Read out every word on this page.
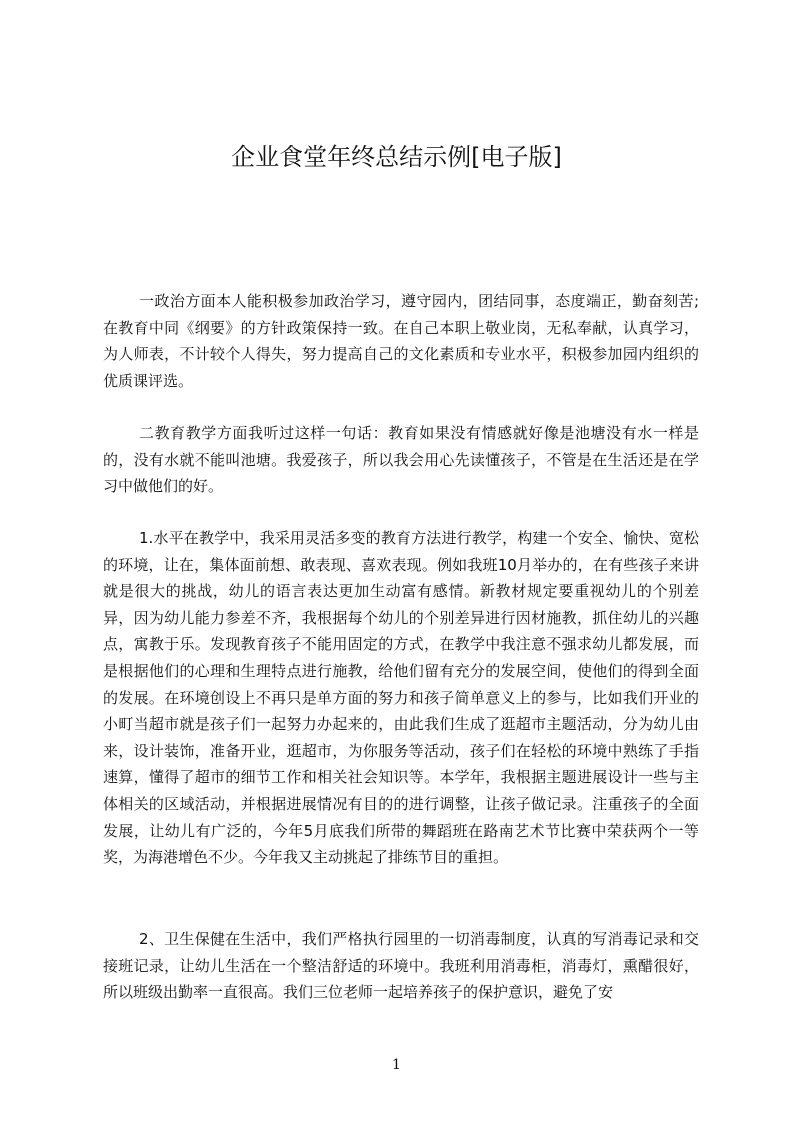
企业食堂年终总结示例[电子版]

一政治方面本人能积极参加政治学习，遵守园内，团结同事，态度端正，勤奋刻苦;在教育中同《纲要》的方针政策保持一致。在自己本职上敬业岗，无私奉献，认真学习，为人师表，不计较个人得失，努力提高自己的文化素质和专业水平，积极参加园内组织的优质课评选。

二教育教学方面我听过这样一句话：教育如果没有情感就好像是池塘没有水一样是的，没有水就不能叫池塘。我爱孩子，所以我会用心先读懂孩子，不管是在生活还是在学习中做他们的好。

1.水平在教学中，我采用灵活多变的教育方法进行教学，构建一个安全、愉快、宽松的环境，让在，集体面前想、敢表现、喜欢表现。例如我班10月举办的，在有些孩子来讲就是很大的挑战，幼儿的语言表达更加生动富有感情。新教材规定要重视幼儿的个别差异，因为幼儿能力参差不齐，我根据每个幼儿的个别差异进行因材施教，抓住幼儿的兴趣点，寓教于乐。发现教育孩子不能用固定的方式，在教学中我注意不强求幼儿都发展，而是根据他们的心理和生理特点进行施教，给他们留有充分的发展空间，使他们的得到全面的发展。在环境创设上不再只是单方面的努力和孩子简单意义上的参与，比如我们开业的小町当超市就是孩子们一起努力办起来的，由此我们生成了逛超市主题活动，分为幼儿由来，设计装饰，准备开业，逛超市，为你服务等活动，孩子们在轻松的环境中熟练了手指速算，懂得了超市的细节工作和相关社会知识等。本学年，我根据主题进展设计一些与主体相关的区域活动，并根据进展情况有目的的进行调整，让孩子做记录。注重孩子的全面发展，让幼儿有广泛的，今年5月底我们所带的舞蹈班在路南艺术节比赛中荣获两个一等奖，为海港增色不少。今年我又主动挑起了排练节目的重担。

2、卫生保健在生活中，我们严格执行园里的一切消毒制度，认真的写消毒记录和交接班记录，让幼儿生活在一个整洁舒适的环境中。我班利用消毒柜，消毒灯，熏醋很好，所以班级出勤率一直很高。我们三位老师一起培养孩子的保护意识，避免了安

1
